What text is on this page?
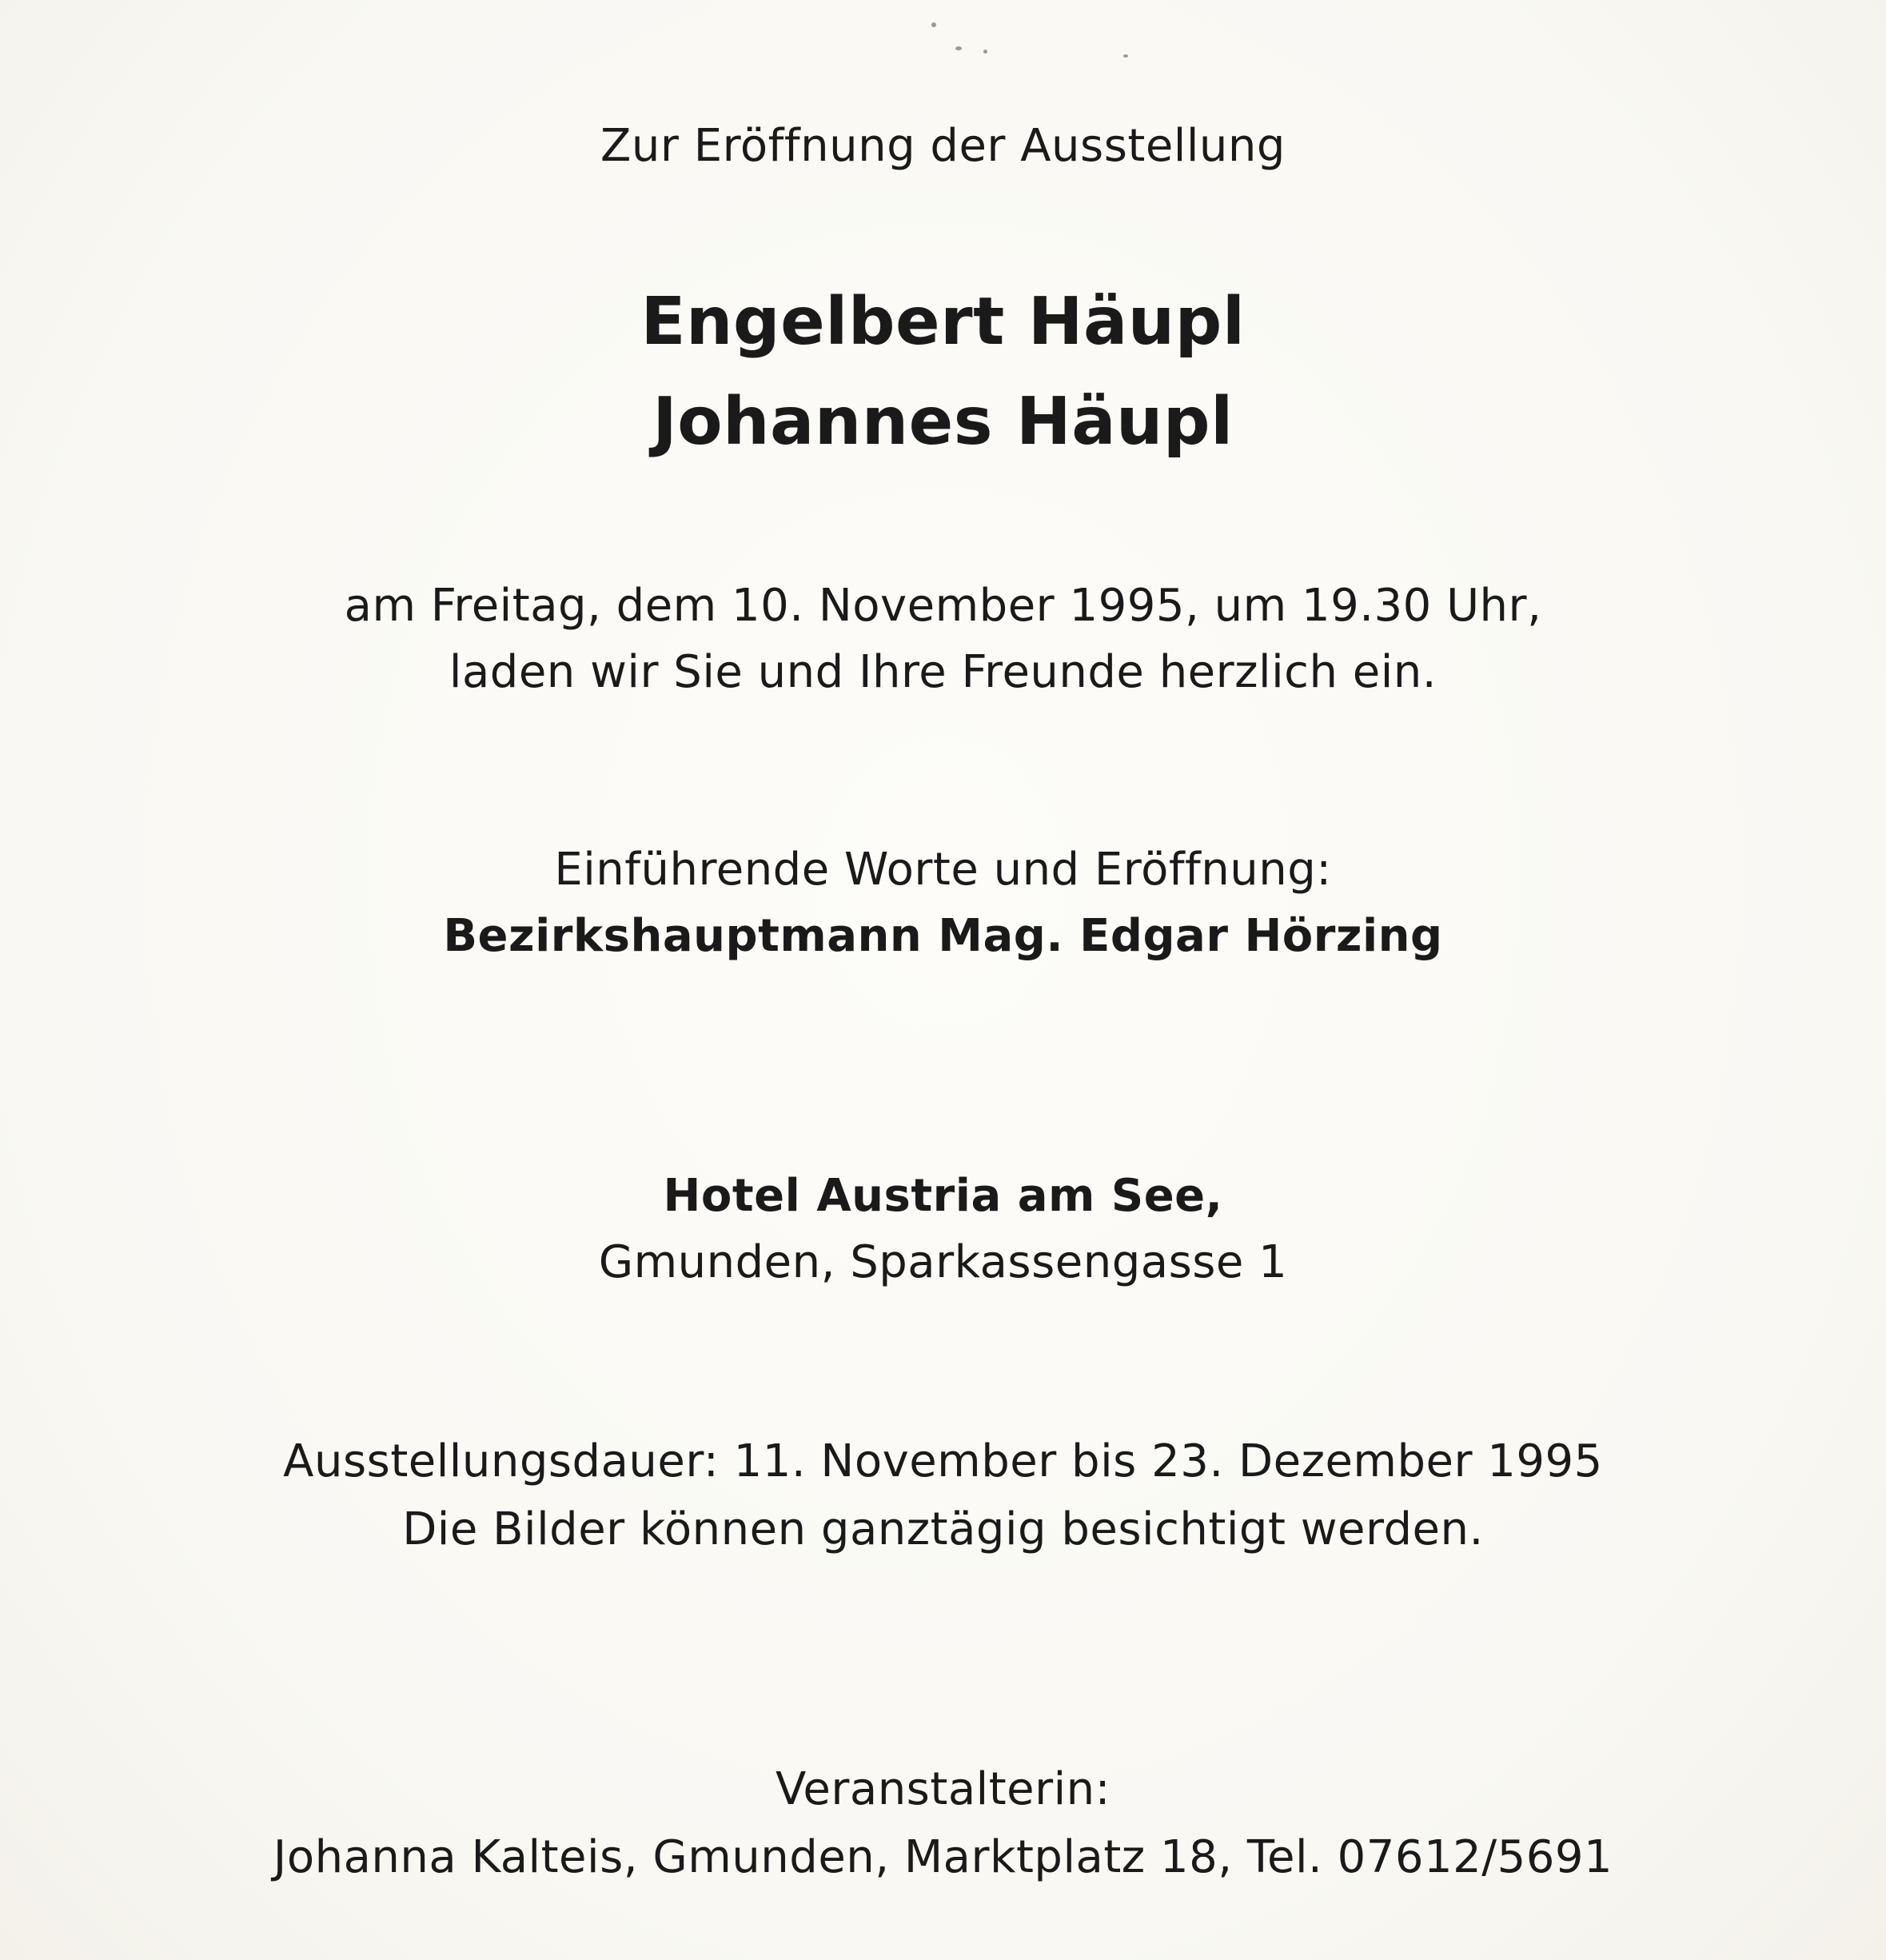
Zur Eröffnung der Ausstellung
Engelbert Häupl
Johannes Häupl
am Freitag, dem 10. November 1995, um 19.30 Uhr,
laden wir Sie und Ihre Freunde herzlich ein.
Einführende Worte und Eröffnung:
Bezirkshauptmann Mag. Edgar Hörzing
Hotel Austria am See,
Gmunden, Sparkassengasse 1
Ausstellungsdauer: 11. November bis 23. Dezember 1995
Die Bilder können ganztägig besichtigt werden.
Veranstalterin:
Johanna Kalteis, Gmunden, Marktplatz 18, Tel. 07612/5691
